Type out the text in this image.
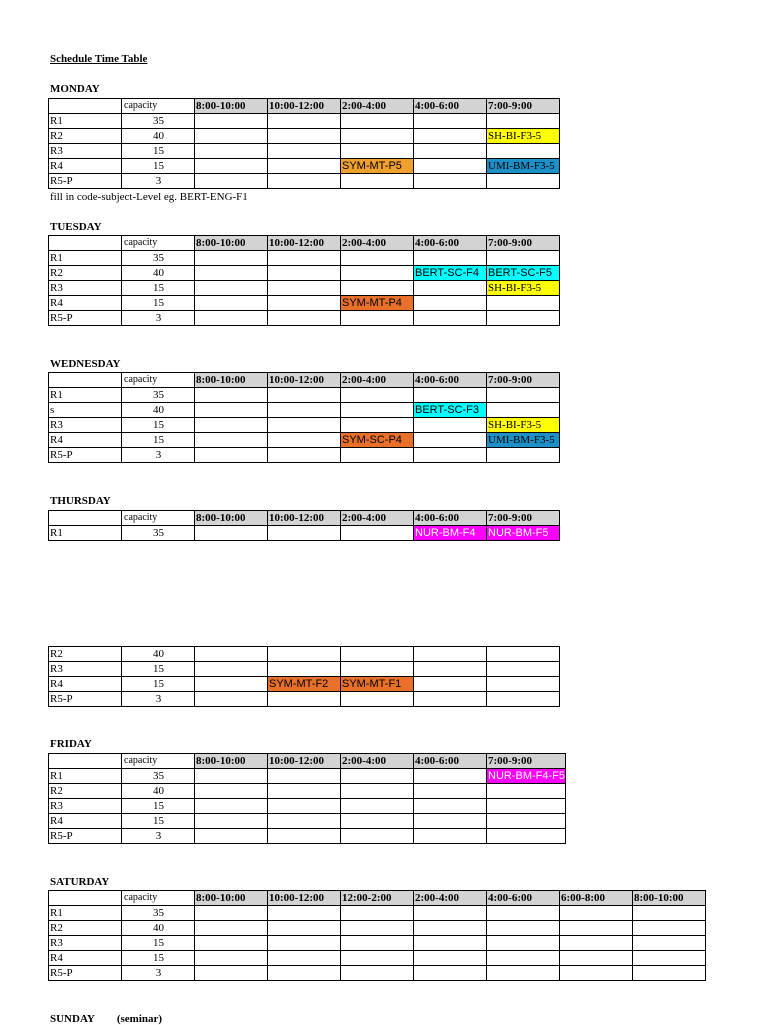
Schedule Time Table
MONDAY
	capacity	8:00-10:00	10:00-12:00	2:00-4:00	4:00-6:00	7:00-9:00
R1	35					
R2	40					SH-BI-F3-5
R3	15					
R4	15			SYM-MT-P5		UMI-BM-F3-5
R5-P	3					
fill in code-subject-Level eg. BERT-ENG-F1
TUESDAY
	capacity	8:00-10:00	10:00-12:00	2:00-4:00	4:00-6:00	7:00-9:00
R1	35					
R2	40				BERT-SC-F4	BERT-SC-F5
R3	15					SH-BI-F3-5
R4	15			SYM-MT-P4		
R5-P	3					
WEDNESDAY
	capacity	8:00-10:00	10:00-12:00	2:00-4:00	4:00-6:00	7:00-9:00
R1	35					
s	40				BERT-SC-F3	
R3	15					SH-BI-F3-5
R4	15			SYM-SC-P4		UMI-BM-F3-5
R5-P	3					
THURSDAY
	capacity	8:00-10:00	10:00-12:00	2:00-4:00	4:00-6:00	7:00-9:00
R1	35				NUR-BM-F4	NUR-BM-F5
R2	40					
R3	15					
R4	15		SYM-MT-F2	SYM-MT-F1		
R5-P	3					
FRIDAY
	capacity	8:00-10:00	10:00-12:00	2:00-4:00	4:00-6:00	7:00-9:00
R1	35					NUR-BM-F4-F5
R2	40					
R3	15					
R4	15					
R5-P	3					
SATURDAY
	capacity	8:00-10:00	10:00-12:00	12:00-2:00	2:00-4:00	4:00-6:00	6:00-8:00	8:00-10:00
R1	35							
R2	40							
R3	15							
R4	15							
R5-P	3							
SUNDAY (seminar)
